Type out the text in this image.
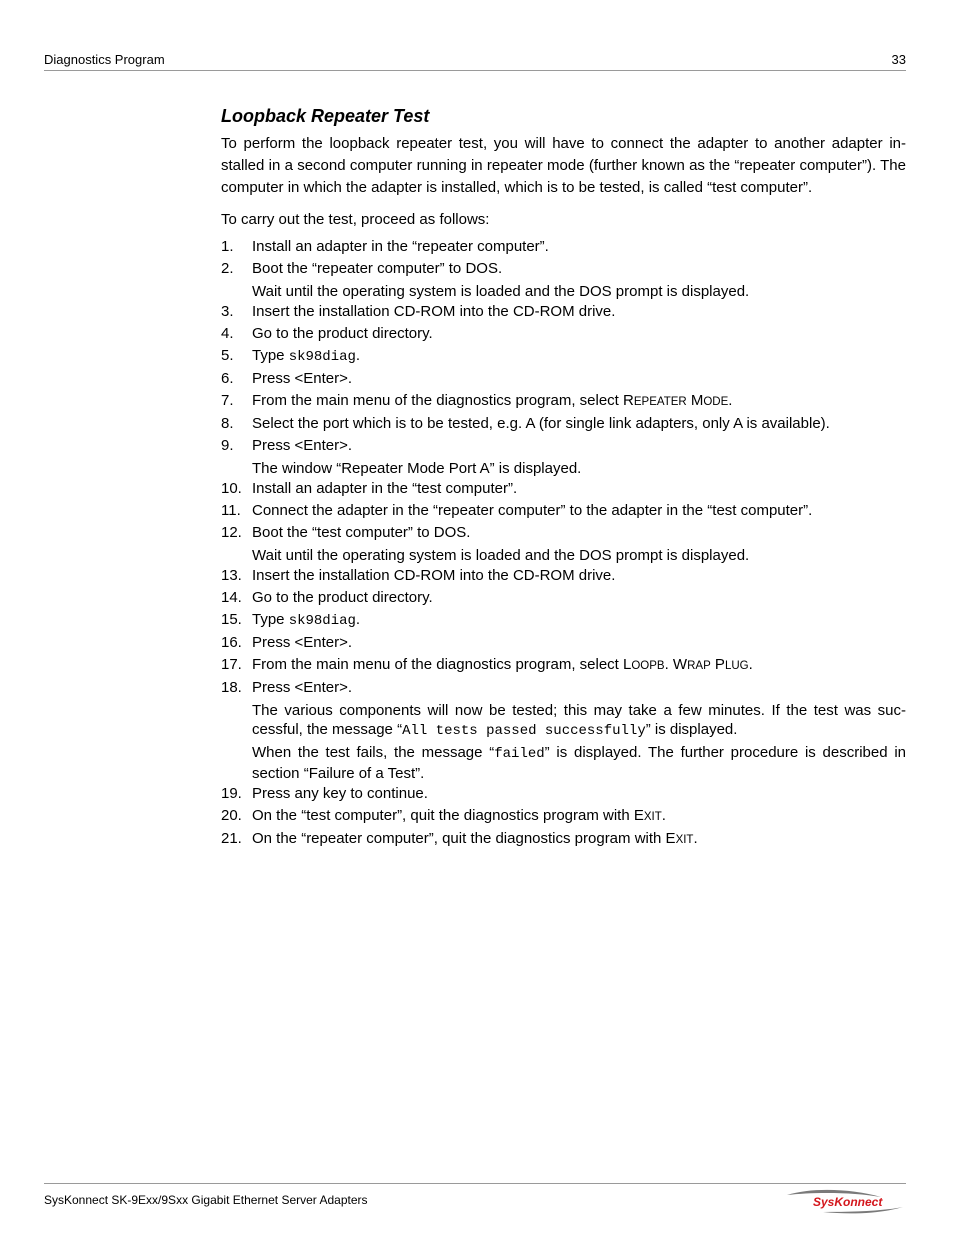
Diagnostics Program	33
Loopback Repeater Test

To perform the loopback repeater test, you will have to connect the adapter to another adapter in-stalled in a second computer running in repeater mode (further known as the “repeater computer”). The computer in which the adapter is installed, which is to be tested, is called “test computer”.

To carry out the test, proceed as follows:

1. Install an adapter in the “repeater computer”.
2. Boot the “repeater computer” to DOS.
Wait until the operating system is loaded and the DOS prompt is displayed.
3. Insert the installation CD-ROM into the CD-ROM drive.
4. Go to the product directory.
5. Type sk98diag.
6. Press <Enter>.
7. From the main menu of the diagnostics program, select REPEATER MODE.
8. Select the port which is to be tested, e.g. A (for single link adapters, only A is available).
9. Press <Enter>.
The window “Repeater Mode Port A” is displayed.
10. Install an adapter in the “test computer”.
11. Connect the adapter in the “repeater computer” to the adapter in the “test computer”.
12. Boot the “test computer” to DOS.
Wait until the operating system is loaded and the DOS prompt is displayed.
13. Insert the installation CD-ROM into the CD-ROM drive.
14. Go to the product directory.
15. Type sk98diag.
16. Press <Enter>.
17. From the main menu of the diagnostics program, select LOOPB. WRAP PLUG.
18. Press <Enter>.
The various components will now be tested; this may take a few minutes. If the test was suc-cessful, the message “All tests passed successfully” is displayed.
When the test fails, the message “failed” is displayed. The further procedure is described in section “Failure of a Test”.
19. Press any key to continue.
20. On the “test computer”, quit the diagnostics program with EXIT.
21. On the “repeater computer”, quit the diagnostics program with EXIT.
SysKonnect SK-9Exx/9Sxx Gigabit Ethernet Server Adapters	SysKonnect
